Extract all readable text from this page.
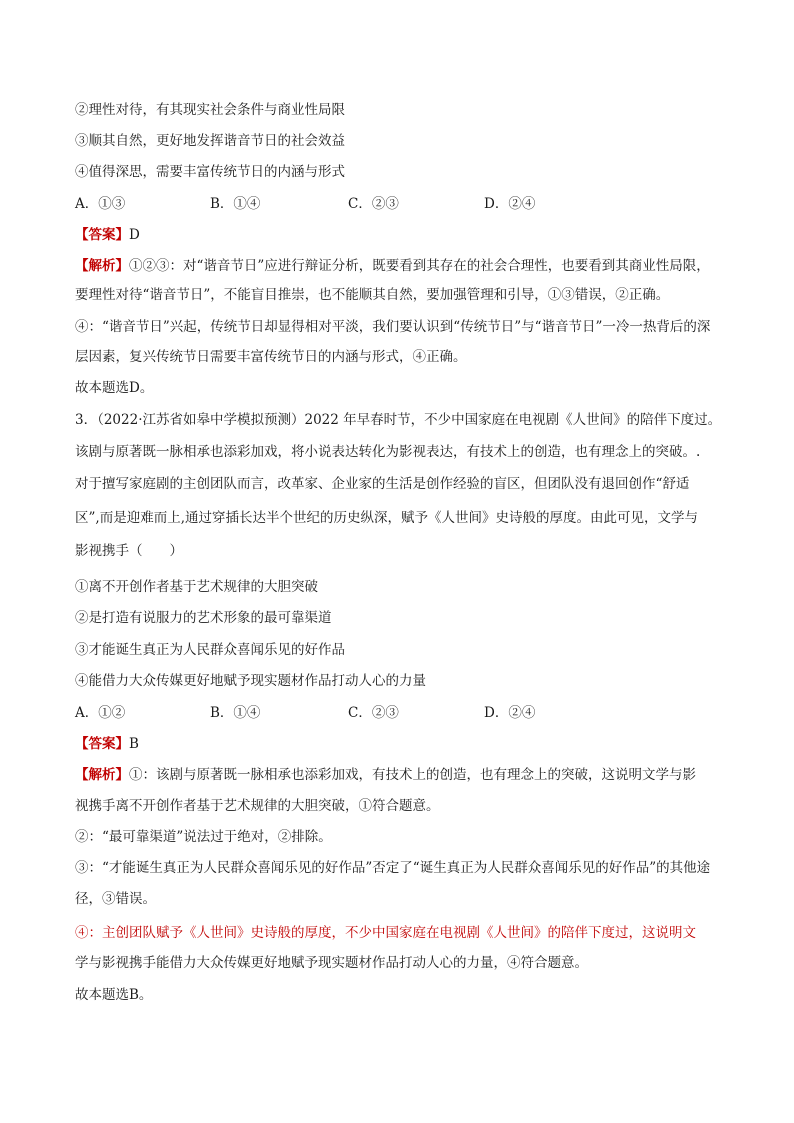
②理性对待，有其现实社会条件与商业性局限
③顺其自然，更好地发挥谐音节日的社会效益
④值得深思，需要丰富传统节日的内涵与形式
A．①③	B．①④	C．②③	D．②④
【答案】D
【解析】①②③：对“谐音节日”应进行辩证分析，既要看到其存在的社会合理性，也要看到其商业性局限，
要理性对待“谐音节日”，不能盲目推崇，也不能顺其自然，要加强管理和引导，①③错误，②正确。
④：“谐音节日”兴起，传统节日却显得相对平淡，我们要认识到“传统节日”与“谐音节日”一冷一热背后的深
层因素，复兴传统节日需要丰富传统节日的内涵与形式，④正确。
故本题选D。
3．（2022·江苏省如皋中学模拟预测）2022 年早春时节，不少中国家庭在电视剧《人世间》的陪伴下度过。
该剧与原著既一脉相承也添彩加戏，将小说表达转化为影视表达，有技术上的创造，也有理念上的突破。.
对于擅写家庭剧的主创团队而言，改革家、企业家的生活是创作经验的盲区，但团队没有退回创作“舒适
区”,而是迎难而上,通过穿插长达半个世纪的历史纵深，赋予《人世间》史诗般的厚度。由此可见，文学与
影视携手（　　）
①离不开创作者基于艺术规律的大胆突破
②是打造有说服力的艺术形象的最可靠渠道
③才能诞生真正为人民群众喜闻乐见的好作品
④能借力大众传媒更好地赋予现实题材作品打动人心的力量
A．①②	B．①④	C．②③	D．②④
【答案】B
【解析】①：该剧与原著既一脉相承也添彩加戏，有技术上的创造，也有理念上的突破，这说明文学与影
视携手离不开创作者基于艺术规律的大胆突破，①符合题意。
②：“最可靠渠道”说法过于绝对，②排除。
③：“才能诞生真正为人民群众喜闻乐见的好作品”否定了“诞生真正为人民群众喜闻乐见的好作品”的其他途
径，③错误。
④：主创团队赋予《人世间》史诗般的厚度，不少中国家庭在电视剧《人世间》的陪伴下度过，这说明文
学与影视携手能借力大众传媒更好地赋予现实题材作品打动人心的力量，④符合题意。
故本题选B。
